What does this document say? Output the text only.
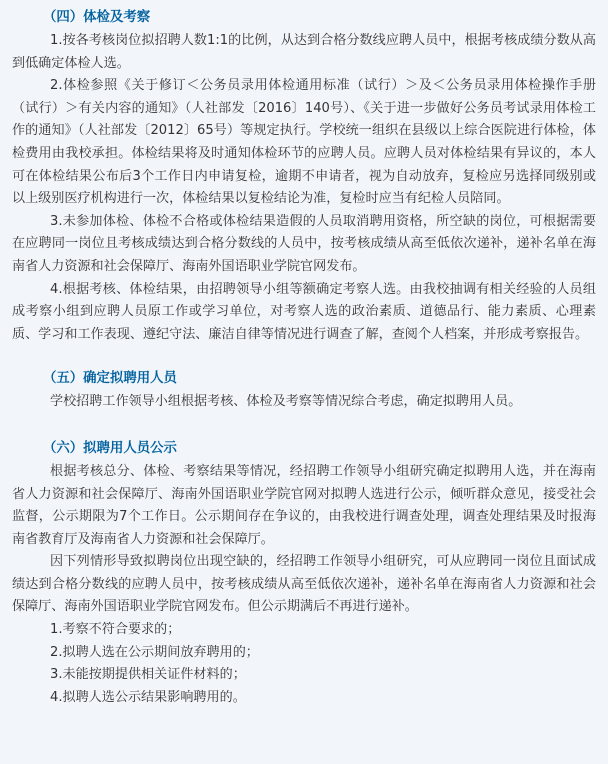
（四）体检及考察

1.按各考核岗位拟招聘人数1:1的比例，从达到合格分数线应聘人员中，根据考核成绩分数从高到低确定体检人选。

2.体检参照《关于修订＜公务员录用体检通用标准（试行）＞及＜公务员录用体检操作手册（试行）＞有关内容的通知》（人社部发〔2016〕140号）、《关于进一步做好公务员考试录用体检工作的通知》（人社部发〔2012〕65号）等规定执行。学校统一组织在县级以上综合医院进行体检，体检费用由我校承担。体检结果将及时通知体检环节的应聘人员。应聘人员对体检结果有异议的，本人可在体检结果公布后3个工作日内申请复检，逾期不申请者，视为自动放弃，复检应另选择同级别或以上级别医疗机构进行一次，体检结果以复检结论为准，复检时应当有纪检人员陪同。

3.未参加体检、体检不合格或体检结果造假的人员取消聘用资格，所空缺的岗位，可根据需要在应聘同一岗位且考核成绩达到合格分数线的人员中，按考核成绩从高至低依次递补，递补名单在海南省人力资源和社会保障厅、海南外国语职业学院官网发布。

4.根据考核、体检结果，由招聘领导小组等额确定考察人选。由我校抽调有相关经验的人员组成考察小组到应聘人员原工作或学习单位，对考察人选的政治素质、道德品行、能力素质、心理素质、学习和工作表现、遵纪守法、廉洁自律等情况进行调查了解，查阅个人档案，并形成考察报告。

（五）确定拟聘用人员

学校招聘工作领导小组根据考核、体检及考察等情况综合考虑，确定拟聘用人员。

（六）拟聘用人员公示

根据考核总分、体检、考察结果等情况，经招聘工作领导小组研究确定拟聘用人选，并在海南省人力资源和社会保障厅、海南外国语职业学院官网对拟聘人选进行公示，倾听群众意见，接受社会监督，公示期限为7个工作日。公示期间存在争议的，由我校进行调查处理，调查处理结果及时报海南省教育厅及海南省人力资源和社会保障厅。

因下列情形导致拟聘岗位出现空缺的，经招聘工作领导小组研究，可从应聘同一岗位且面试成绩达到合格分数线的应聘人员中，按考核成绩从高至低依次递补，递补名单在海南省人力资源和社会保障厅、海南外国语职业学院官网发布。但公示期满后不再进行递补。

1.考察不符合要求的；

2.拟聘人选在公示期间放弃聘用的；

3.未能按期提供相关证件材料的；

4.拟聘人选公示结果影响聘用的。
